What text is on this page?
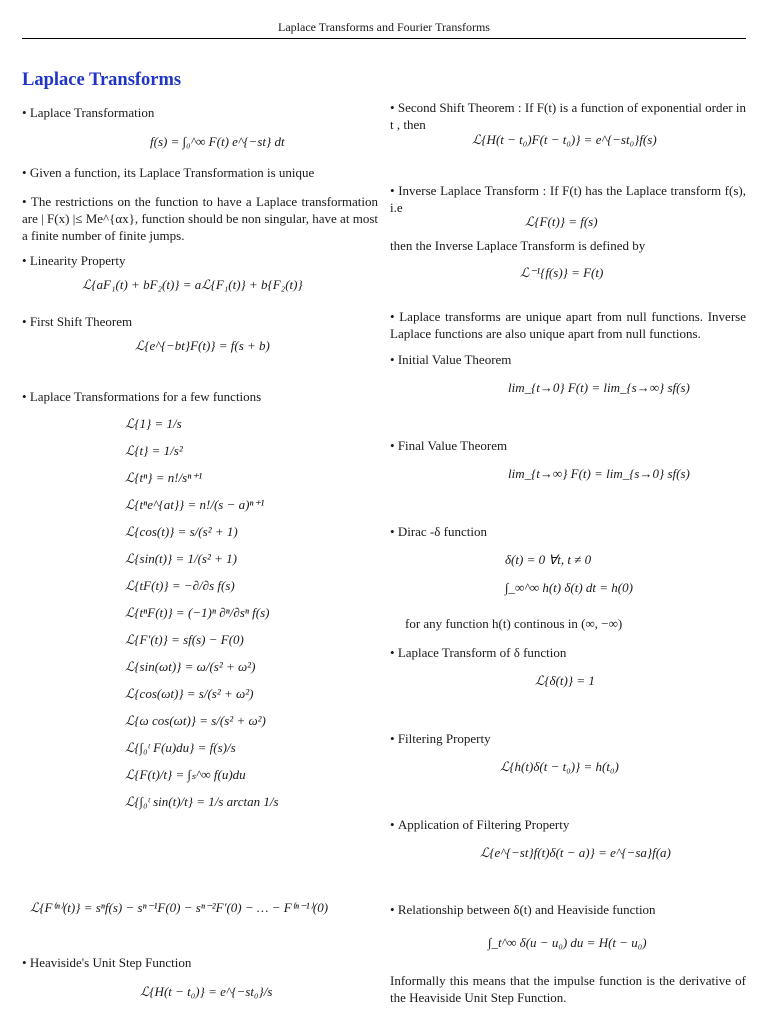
Laplace Transforms and Fourier Transforms
Laplace Transforms
• Laplace Transformation
f(s) = ∫₀^∞ F(t) e^{−st} dt
• Given a function, its Laplace Transformation is unique
• The restrictions on the function to have a Laplace transformation are | F(x) |≤ Me^{αx}, function should be non singular, have at most a finite number of finite jumps.
• Linearity Property
ℒ{aF₁(t) + bF₂(t)} = aℒ{F₁(t)} + b{F₂(t)}
• First Shift Theorem
ℒ{e^{−bt}F(t)} = f(s + b)
• Laplace Transformations for a few functions
ℒ{1} = 1/s
ℒ{t} = 1/s²
ℒ{tⁿ} = n!/sⁿ⁺¹
ℒ{tⁿe^{at}} = n!/(s − a)ⁿ⁺¹
ℒ{cos(t)} = s/(s² + 1)
ℒ{sin(t)} = 1/(s² + 1)
ℒ{tF(t)} = −∂/∂s f(s)
ℒ{tⁿF(t)} = (−1)ⁿ ∂ⁿ/∂sⁿ f(s)
ℒ{F′(t)} = sf(s) − F(0)
ℒ{sin(ωt)} = ω/(s² + ω²)
ℒ{cos(ωt)} = s/(s² + ω²)
ℒ{ω cos(ωt)} = s/(s² + ω²)
ℒ{∫₀ᵗ F(u)du} = f(s)/s
ℒ{F(t)/t} = ∫ₛ^∞ f(u)du
ℒ{∫₀ᵗ sin(t)/t} = 1/s arctan 1/s
ℒ{F⁽ⁿ⁾(t)} = sⁿf(s) − sⁿ⁻¹F(0) − sⁿ⁻²F′(0) − … − F⁽ⁿ⁻¹⁾(0)
• Heaviside's Unit Step Function
ℒ{H(t − t₀)} = e^{−st₀}/s
• Second Shift Theorem : If F(t) is a function of exponential order in t , then
ℒ{H(t − t₀)F(t − t₀)} = e^{−st₀}f(s)
• Inverse Laplace Transform : If F(t) has the Laplace transform f(s), i.e
ℒ{F(t)} = f(s)
then the Inverse Laplace Transform is defined by
ℒ⁻¹{f(s)} = F(t)
• Laplace transforms are unique apart from null functions. Inverse Laplace functions are also unique apart from null functions.
• Initial Value Theorem
lim_{t→0} F(t) = lim_{s→∞} sf(s)
• Final Value Theorem
lim_{t→∞} F(t) = lim_{s→0} sf(s)
• Dirac -δ function
δ(t) = 0 ∀t, t ≠ 0
∫_∞^∞ h(t) δ(t) dt = h(0)
for any function h(t) continous in (∞, −∞)
• Laplace Transform of δ function
ℒ{δ(t)} = 1
• Filtering Property
ℒ{h(t)δ(t − t₀)} = h(t₀)
• Application of Filtering Property
ℒ{e^{−st}f(t)δ(t − a)} = e^{−sa}f(a)
• Relationship between δ(t) and Heaviside function
∫_t^∞ δ(u − u₀) du = H(t − u₀)
Informally this means that the impulse function is the derivative of the Heaviside Unit Step Function.
